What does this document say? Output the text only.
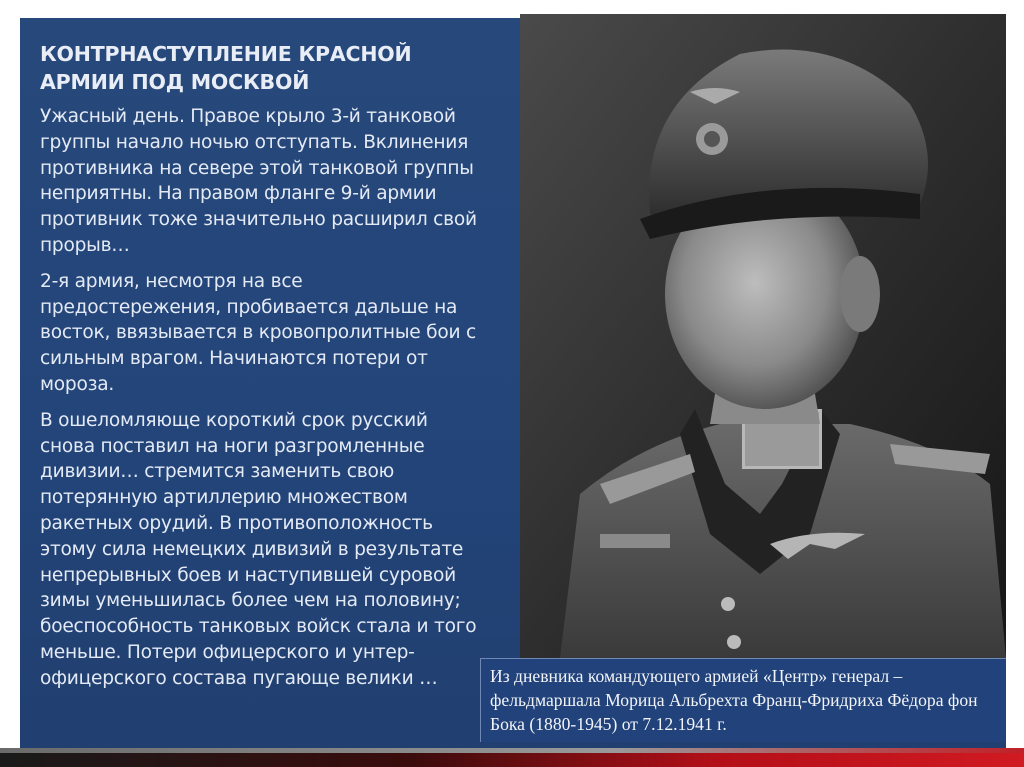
КОНТРНАСТУПЛЕНИЕ КРАСНОЙ АРМИИ ПОД МОСКВОЙ

Ужасный день. Правое крыло 3-й танковой группы начало ночью отступать. Вклинения противника на севере этой танковой группы неприятны. На правом фланге 9-й армии противник тоже значительно расширил свой прорыв…

2-я армия, несмотря на все предостережения, пробивается дальше на восток, ввязывается в кровопролитные бои с сильным врагом. Начинаются потери от мороза.

В ошеломляюще короткий срок русский снова поставил на ноги разгромленные дивизии… стремится заменить свою потерянную артиллерию множеством ракетных орудий. В противоположность этому сила немецких дивизий в результате непрерывных боев и наступившей суровой зимы уменьшилась более чем на половину; боеспособность танковых войск стала и того меньше. Потери офицерского и унтер-офицерского состава пугающе велики …	Из дневника командующего армией «Центр» генерал – фельдмаршала Морица Альбрехта Франц-Фридриха Фёдора фон Бока (1880-1945) от 7.12.1941 г.
